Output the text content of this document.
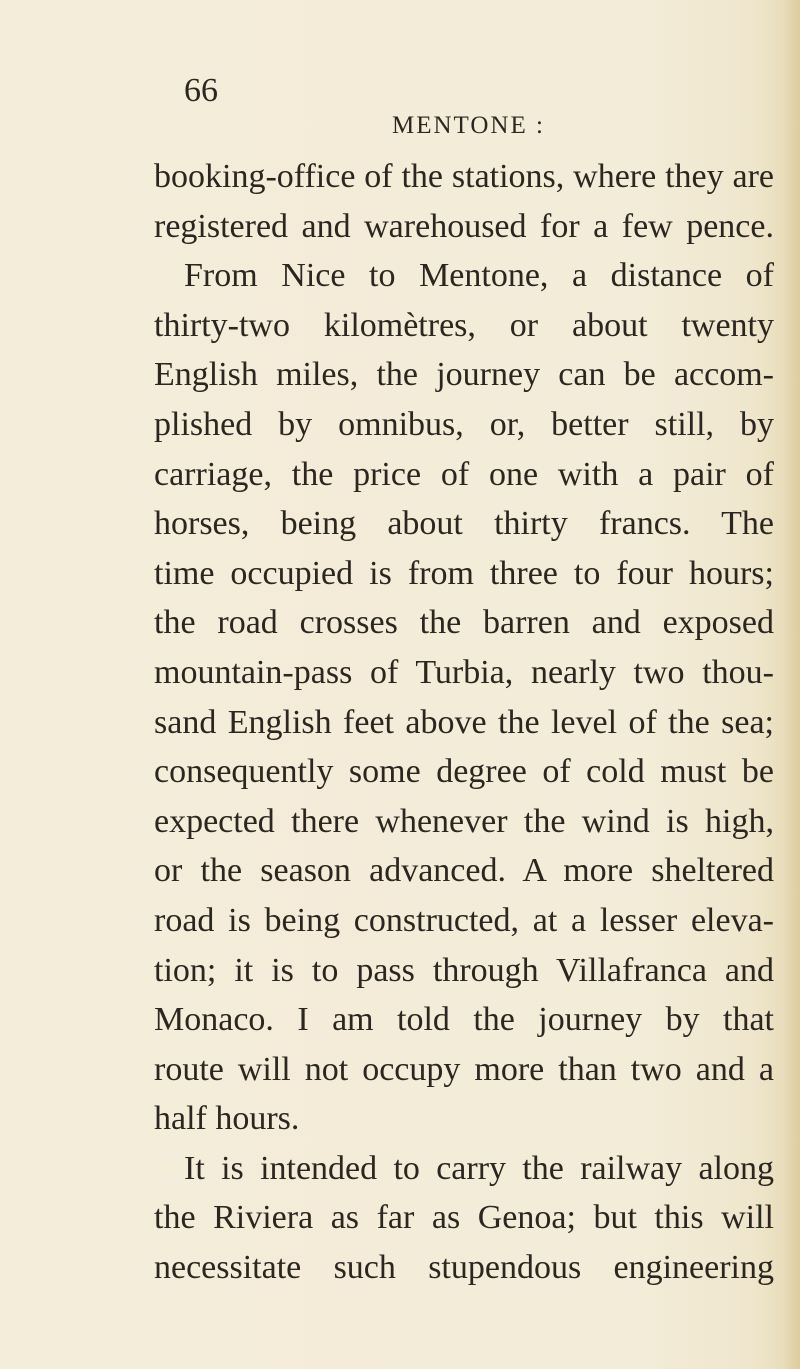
66
MENTONE :
booking-office of the stations, where they are
registered and warehoused for a few pence.
From Nice to Mentone, a distance of
thirty-two kilomètres, or about twenty
English miles, the journey can be accom-
plished by omnibus, or, better still, by
carriage, the price of one with a pair of
horses, being about thirty francs. The
time occupied is from three to four hours;
the road crosses the barren and exposed
mountain-pass of Turbia, nearly two thou-
sand English feet above the level of the sea;
consequently some degree of cold must be
expected there whenever the wind is high,
or the season advanced. A more sheltered
road is being constructed, at a lesser eleva-
tion; it is to pass through Villafranca and
Monaco. I am told the journey by that
route will not occupy more than two and a
half hours.
It is intended to carry the railway along
the Riviera as far as Genoa; but this will
necessitate such stupendous engineering
